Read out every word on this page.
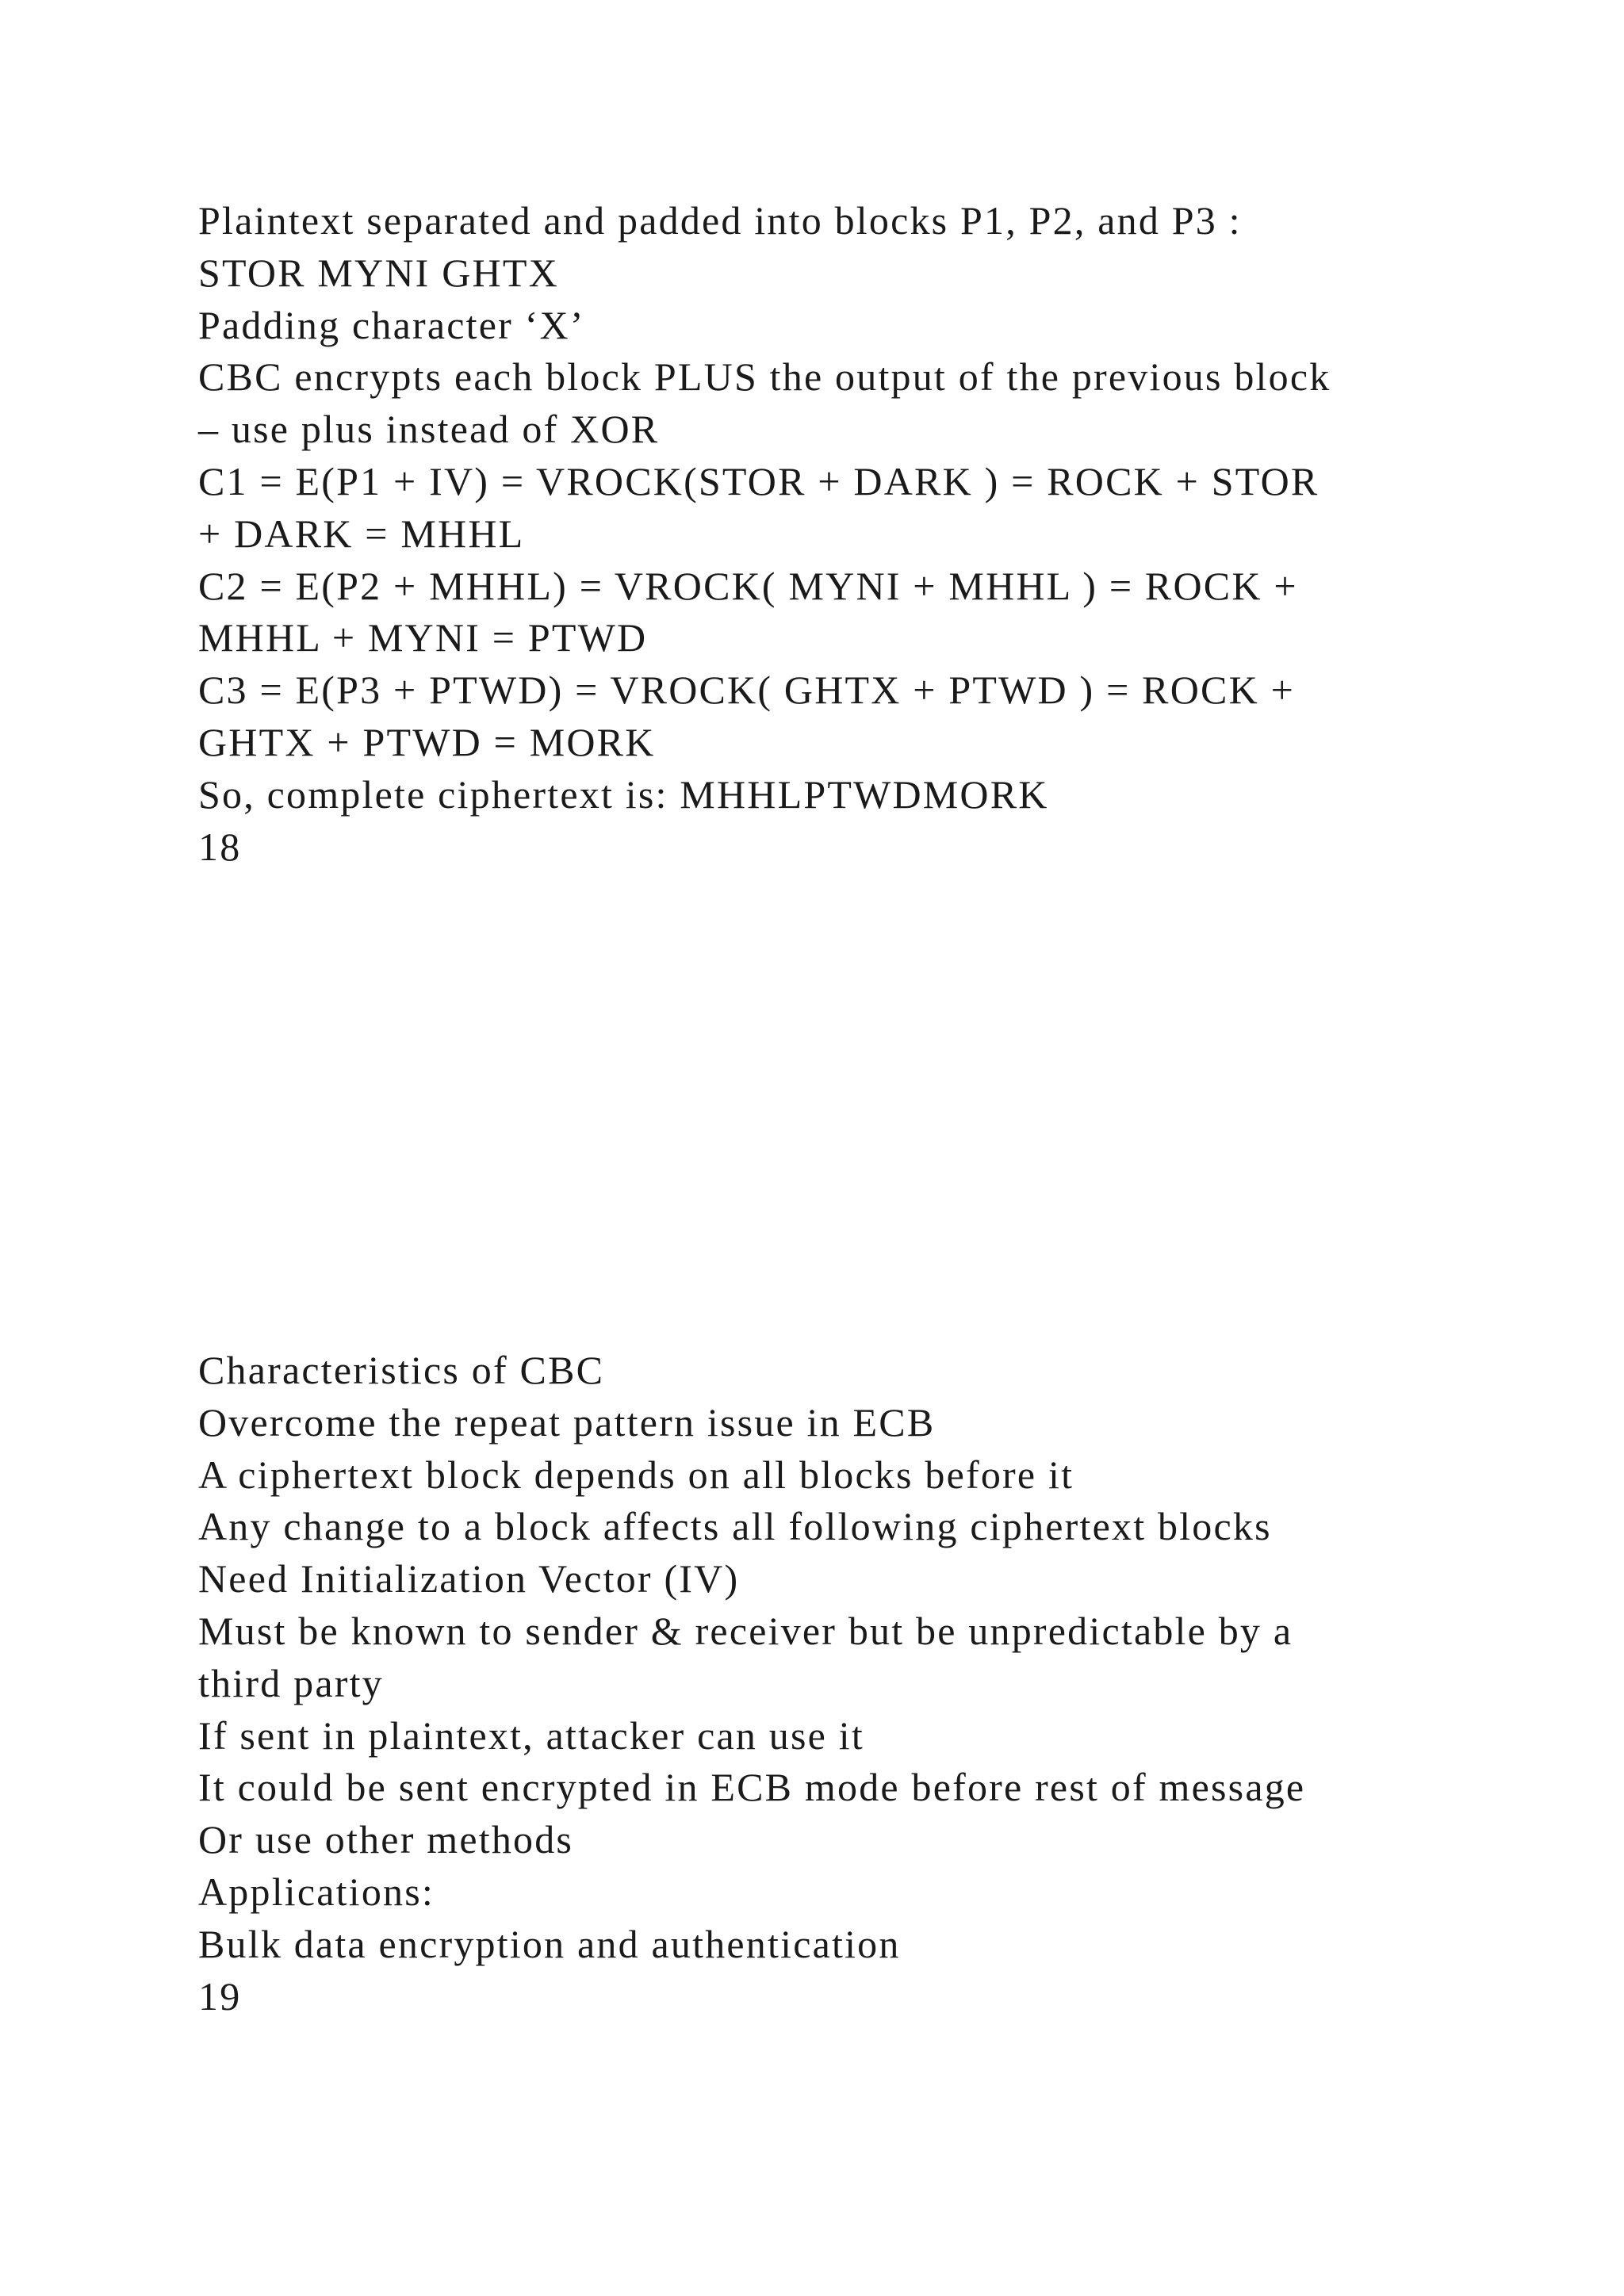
Plaintext separated and padded into blocks P1, P2, and P3 :
STOR MYNI GHTX
Padding character ‘X’
CBC encrypts each block PLUS the output of the previous block
– use plus instead of XOR
C1 = E(P1 + IV) = VROCK(STOR + DARK ) = ROCK + STOR
+ DARK = MHHL
C2 = E(P2 + MHHL) = VROCK( MYNI + MHHL ) = ROCK +
MHHL + MYNI = PTWD
C3 = E(P3 + PTWD) = VROCK( GHTX + PTWD ) = ROCK +
GHTX + PTWD = MORK
So, complete ciphertext is: MHHLPTWDMORK
18
Characteristics of CBC
Overcome the repeat pattern issue in ECB
A ciphertext block depends on all blocks before it
Any change to a block affects all following ciphertext blocks
Need Initialization Vector (IV)
Must be known to sender & receiver but be unpredictable by a
third party
If sent in plaintext, attacker can use it
It could be sent encrypted in ECB mode before rest of message
Or use other methods
Applications:
Bulk data encryption and authentication
19
